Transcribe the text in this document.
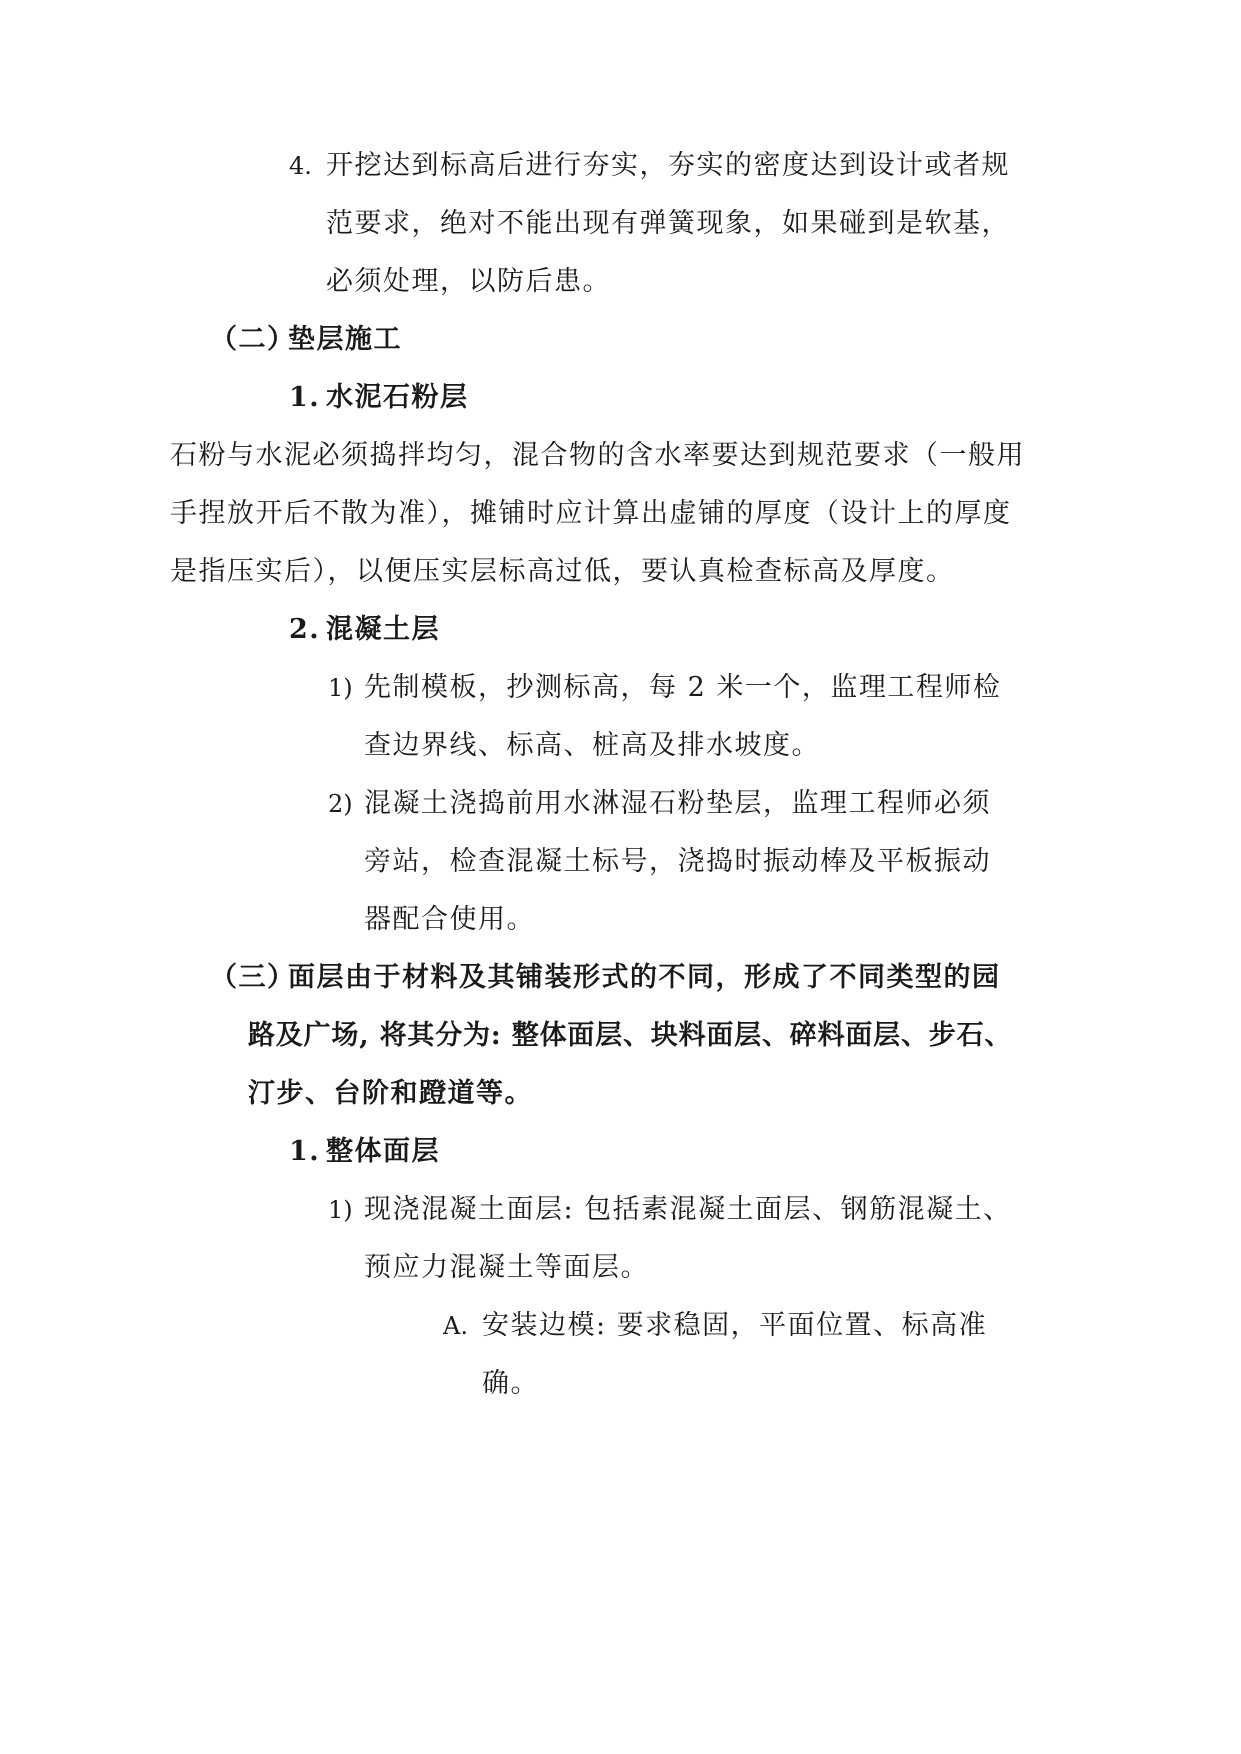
4. 开挖达到标高后进行夯实，夯实的密度达到设计或者规
范要求，绝对不能出现有弹簧现象，如果碰到是软基，
必须处理，以防后患。
（二）
垫层施工
1. 水泥石粉层
石粉与水泥必须捣拌均匀，混合物的含水率要达到规范要求（一般用
手捏放开后不散为准），摊铺时应计算出虚铺的厚度（设计上的厚度
是指压实后），以便压实层标高过低，要认真检查标高及厚度。
2. 混凝土层
1) 先制模板，抄测标高，每 2 米一个，监理工程师检
查边界线、标高、桩高及排水坡度。
2) 混凝土浇捣前用水淋湿石粉垫层，监理工程师必须
旁站，检查混凝土标号，浇捣时振动棒及平板振动
器配合使用。
（三）
面层由于材料及其铺装形式的不同，形成了不同类型的园
路及广场, 将其分为: 整体面层、块料面层、碎料面层、步石、
汀步、台阶和蹬道等。
1. 整体面层
1) 现浇混凝土面层: 包括素混凝土面层、钢筋混凝土、
预应力混凝土等面层。
A. 安装边模: 要求稳固，平面位置、标高准
确。
